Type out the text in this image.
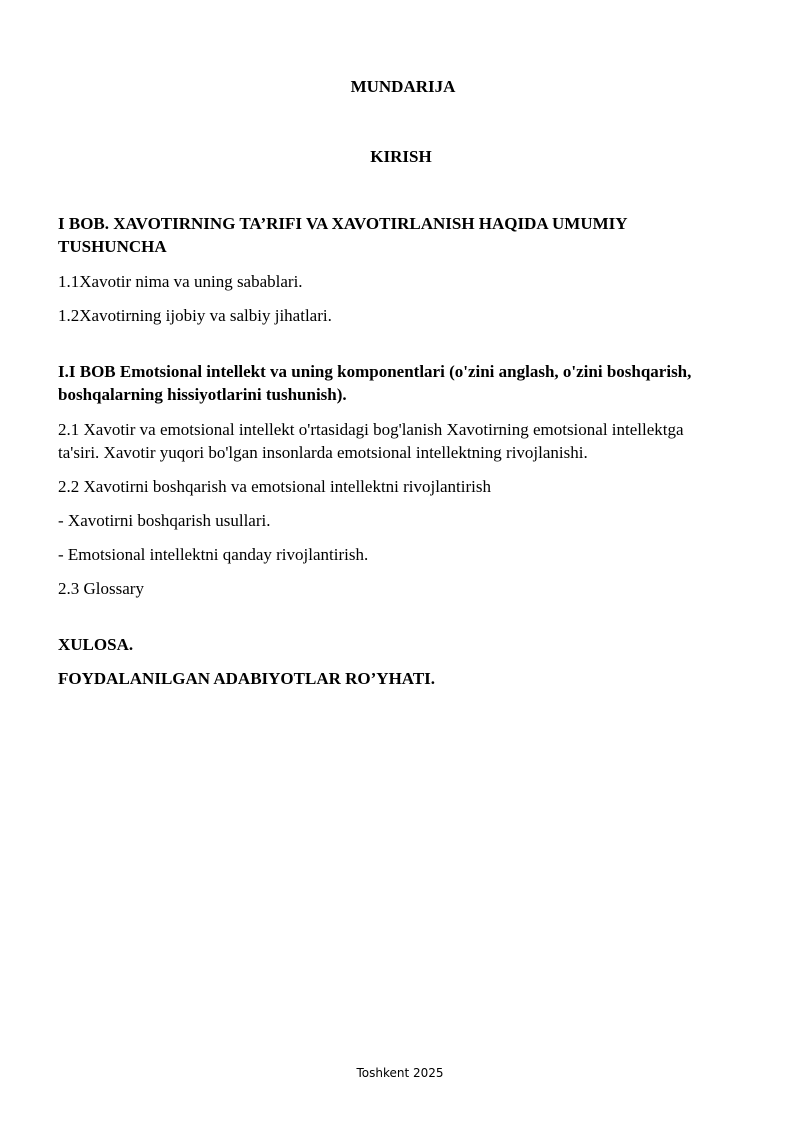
MUNDARIJA

KIRISH

I BOB. XAVOTIRNING TA’RIFI VA XAVOTIRLANISH HAQIDA UMUMIY TUSHUNCHA

1.1Xavotir nima va uning sabablari.

1.2Xavotirning ijobiy va salbiy jihatlari.

I.I BOB Emotsional intellekt va uning komponentlari (o'zini anglash, o'zini boshqarish, boshqalarning hissiyotlarini tushunish).

2.1 Xavotir va emotsional intellekt o'rtasidagi bog'lanish Xavotirning emotsional intellektga ta'siri. Xavotir yuqori bo'lgan insonlarda emotsional intellektning rivojlanishi.

2.2 Xavotirni boshqarish va emotsional intellektni rivojlantirish

- Xavotirni boshqarish usullari.

- Emotsional intellektni qanday rivojlantirish.

2.3 Glossary

XULOSA.

FOYDALANILGAN ADABIYOTLAR RO’YHATI.

Toshkent 2025
